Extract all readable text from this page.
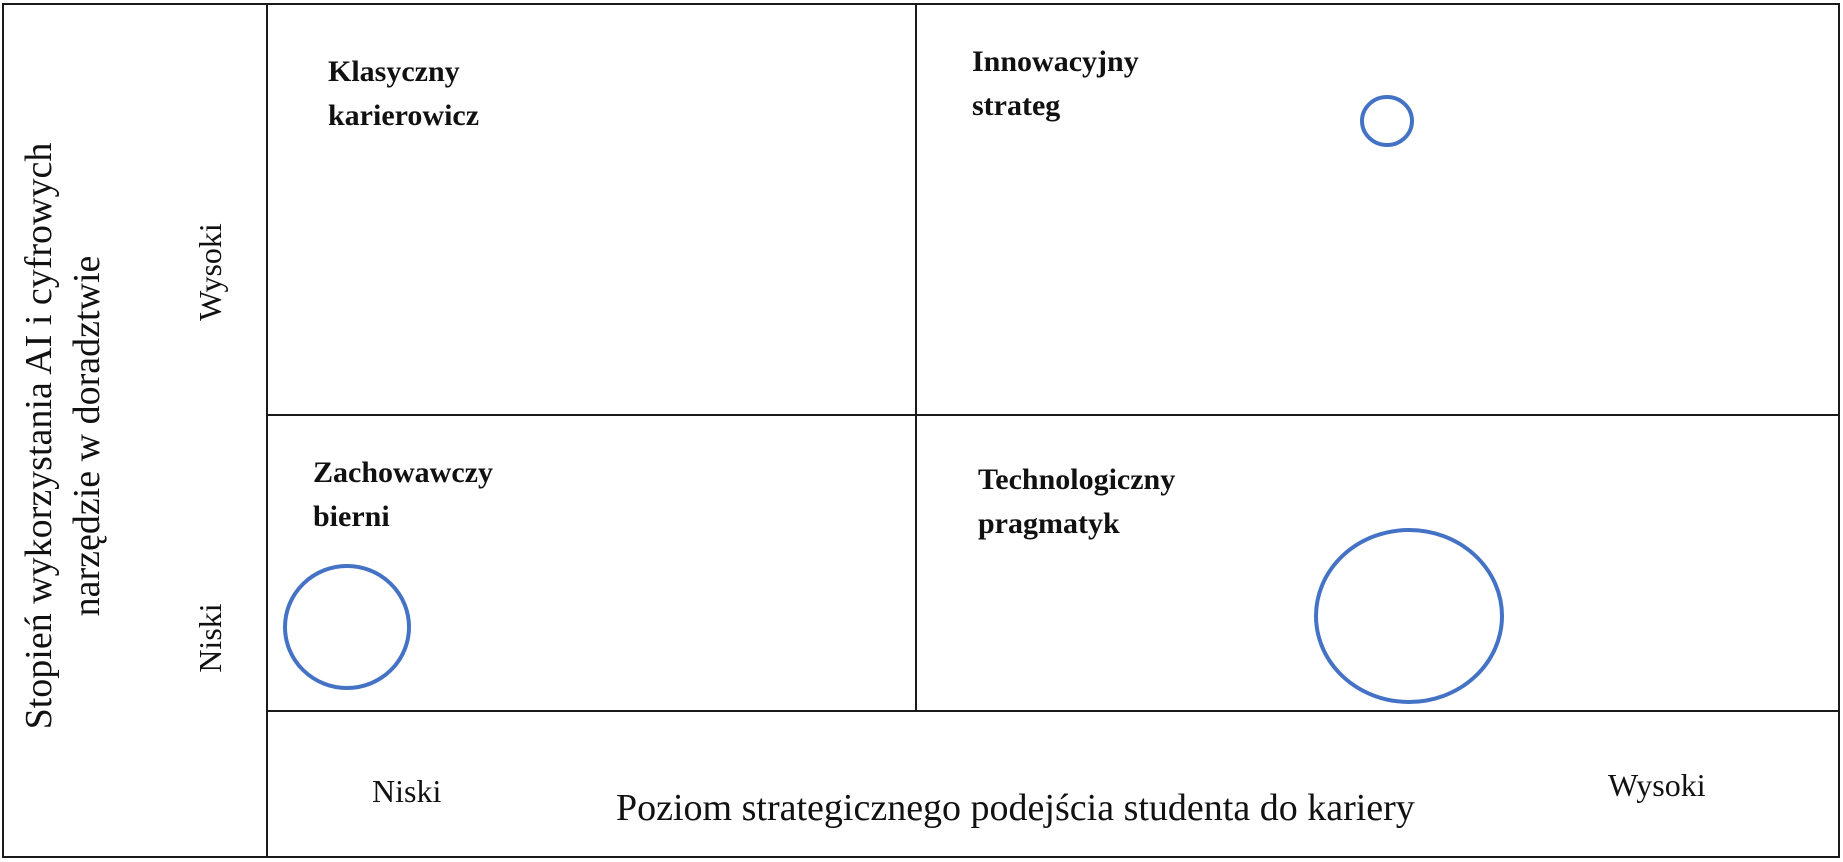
Klasyczny
karierowicz
Innowacyjny
strateg
Zachowawczy
bierni
Technologiczny
pragmatyk
Stopień wykorzystania AI i cyfrowych
narzędzie w doradztwie	Wysoki
Niski
Niski	Poziom strategicznego podejścia studenta do kariery
Wysoki
